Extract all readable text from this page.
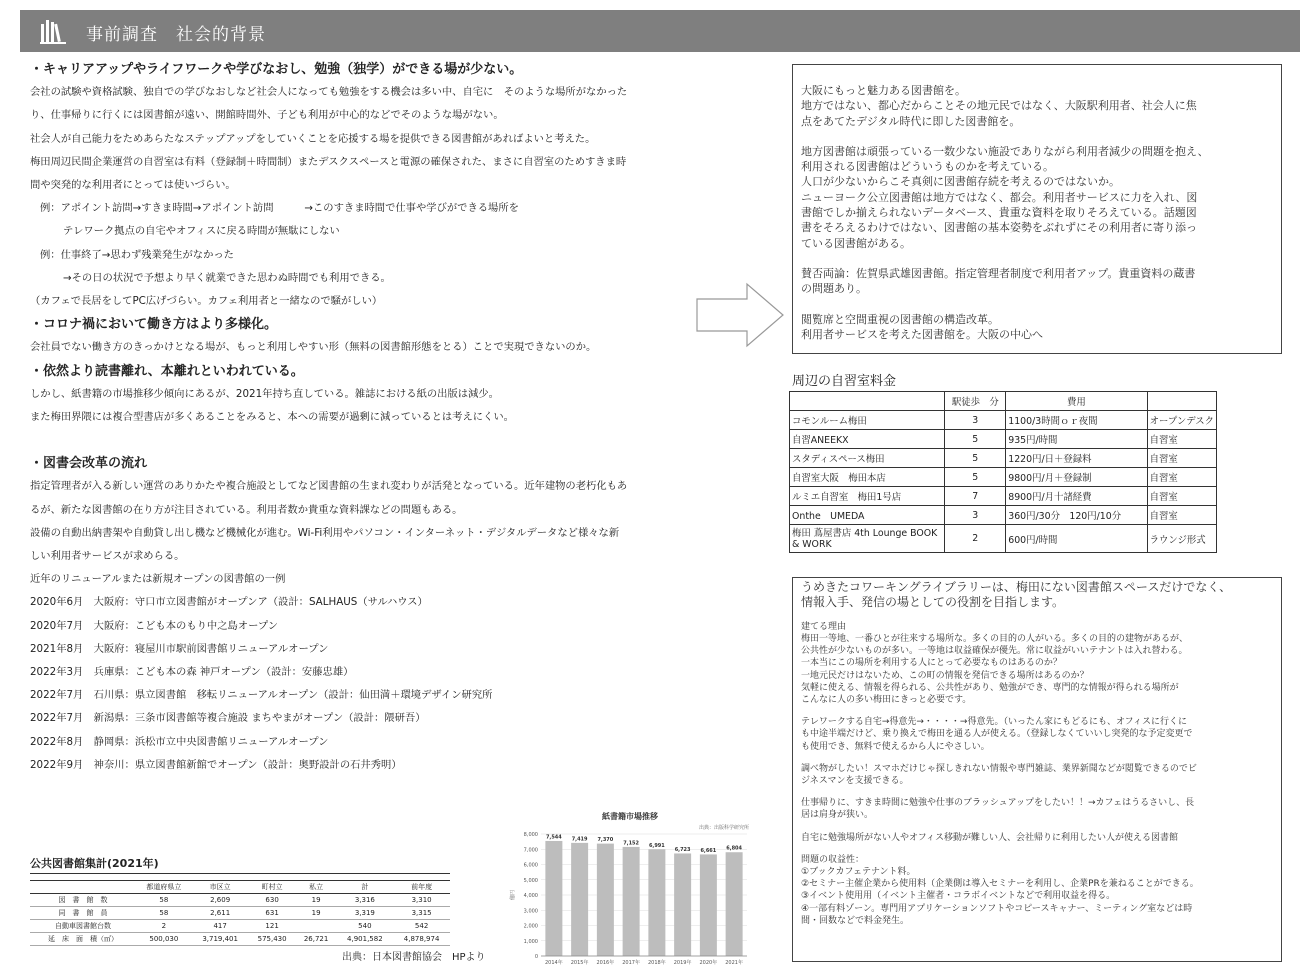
事前調査　社会的背景
・キャリアアップやライフワークや学びなおし、勉強（独学）ができる場が少ない。
会社の試験や資格試験、独自での学びなおしなど社会人になっても勉強をする機会は多い中、自宅に　そのような場所がなかった
り、仕事帰りに行くには図書館が遠い、開館時間外、子ども利用が中心的などでそのような場がない。
社会人が自己能力をためあらたなステップアップをしていくことを応援する場を提供できる図書館があればよいと考えた。
梅田周辺民間企業運営の自習室は有料（登録制＋時間制）またデスクスペースと電源の確保された、まさに自習室のためすきま時
間や突発的な利用者にとっては使いづらい。
例：アポイント訪問→すきま時間→アポイント訪問　　　→このすきま時間で仕事や学びができる場所を
テレワーク拠点の自宅やオフィスに戻る時間が無駄にしない
例：仕事終了→思わず残業発生がなかった
→その日の状況で予想より早く就業できた思わぬ時間でも利用できる。
（カフェで長居をしてPC広げづらい。カフェ利用者と一緒なので騒がしい）
・コロナ禍において働き方はより多様化。
会社員でない働き方のきっかけとなる場が、もっと利用しやすい形（無料の図書館形態をとる）ことで実現できないのか。
・依然より読書離れ、本離れといわれている。
しかし、紙書籍の市場推移少傾向にあるが、2021年持ち直している。雑誌における紙の出版は減少。
また梅田界隈には複合型書店が多くあることをみると、本への需要が過剰に減っているとは考えにくい。
・図書会改革の流れ
指定管理者が入る新しい運営のありかたや複合施設としてなど図書館の生まれ変わりが活発となっている。近年建物の老朽化もあ
るが、新たな図書館の在り方が注目されている。利用者数か貴重な資料課などの問題もある。
設備の自動出納書架や自動貸し出し機など機械化が進む。Wi-Fi利用やパソコン・インターネット・デジタルデータなど様々な新
しい利用者サービスが求めらる。
近年のリニューアルまたは新規オープンの図書館の一例
2020年6月　大阪府：守口市立図書館がオープンア（設計：SALHAUS（サルハウス）
2020年7月　大阪府：こども本のもり中之島オープン
2021年8月　大阪府：寝屋川市駅前図書館リニューアルオープン
2022年3月　兵庫県：こども本の森 神戸オープン（設計：安藤忠雄）
2022年7月　石川県：県立図書館　移転リニューアルオープン（設計：仙田満＋環境デザイン研究所
2022年7月　新潟県：三条市図書館等複合施設 まちやまがオープン（設計：隈研吾）
2022年8月　静岡県：浜松市立中央図書館リニューアルオープン
2022年9月　神奈川：県立図書館新館でオープン（設計：奥野設計の石井秀明）
大阪にもっと魅力ある図書館を。
地方ではない、都心だからことその地元民ではなく、大阪駅利用者、社会人に焦
点をあてたデジタル時代に即した図書館を。
地方図書館は頑張っている一数少ない施設でありながら利用者減少の問題を抱え、
利用される図書館はどういうものかを考えている。
人口が少ないからこそ真剣に図書館存続を考えるのではないか。
ニューヨーク公立図書館は地方ではなく、都会。利用者サービスに力を入れ、図
書館でしか揃えられないデータベース、貴重な資料を取りそろえている。話題図
書をそろえるわけではない、図書館の基本姿勢をぶれずにその利用者に寄り添っ
ている図書館がある。
賛否両論：佐賀県武雄図書館。指定管理者制度で利用者アップ。貴重資料の蔵書
の問題あり。
閲覧席と空間重視の図書館の構造改革。
利用者サービスを考えた図書館を。大阪の中心へ
周辺の自習室料金
	駅徒歩　分	費用	
コモンルーム梅田	3	1100/3時間ｏｒ夜間	オープンデスク
自習ANEEKX	5	935円/時間	自習室
スタディスペース梅田	5	1220円/日＋登録料	自習室
自習室大阪　梅田本店	5	9800円/月＋登録制	自習室
ルミエ自習室　梅田1号店	7	8900円/月十諸経費	自習室
Onthe　UMEDA	3	360円/30分　120円/10分	自習室
梅田 蔦屋書店 4th Lounge BOOK & WORK	2	600円/時間	ラウンジ形式
うめきたコワーキングライブラリーは、梅田にない図書館スペースだけでなく、
情報入手、発信の場としての役割を目指します。
建てる理由
梅田一等地、一番ひとが往来する場所な。多くの目的の人がいる。多くの目的の建物があるが、
公共性が少ないものが多い。一等地は収益確保が優先。常に収益がいいテナントは入れ替わる。
一本当にこの場所を利用する人にとって必要なものはあるのか？
一地元民だけはないため、この町の情報を発信できる場所はあるのか？
気軽に使える、情報を得られる、公共性があり、勉強ができ、専門的な情報が得られる場所が
こんなに人の多い梅田にきっと必要です。
テレワークする自宅→得意先→・・・・→得意先。（いったん家にもどるにも、オフィスに行くに
も中途半端だけど、乗り換えで梅田を通る人が使える。（登録しなくていいし突発的な予定変更で
も使用でき、無料で使えるから人にやさしい。
調べ物がしたい！スマホだけじゃ探しきれない情報や専門雑誌、業界新聞などが閲覧できるのでビ
ジネスマンを支援できる。
仕事帰りに、すきま時間に勉強や仕事のブラッシュアップをしたい！！→カフェはうるさいし、長
居は肩身が狭い。
自宅に勉強場所がない人やオフィス移動が難しい人、会社帰りに利用したい人が使える図書館
問題の収益性：
①ブックカフェテナント料。
②セミナー主催企業から使用料（企業側は導入セミナーを利用し、企業PRを兼ねることができる。
③イベント使用用（イベント主催者・コラボイベントなどで利用収益を得る。
④一部有料ゾーン。専門用アプリケーションソフトやコピースキャナー、ミーティング室などは時
間・回数などで料金発生。
公共図書館集計(2021年)
	都道府県立	市区立	町村立	私立	計	前年度
図　書　館　数	58	2,609	630	19	3,316	3,310
同　書　館　員	58	2,611	631	19	3,319	3,315
自動車図書館台数	2	417	121		540	542
延　床　面　積（㎡）	500,030	3,719,401	575,430	26,721	4,901,582	4,878,974
出典：日本図書館協会　HPより
紙書籍市場推移
出典：出版科学研究所
0
1,000
2,000
3,000
4,000
5,000
6,000
7,000
8,000
億円
7,544
2014年
7,419
2015年
7,370
2016年
7,152
2017年
6,991
2018年
6,723
2019年
6,661
2020年
6,804
2021年
